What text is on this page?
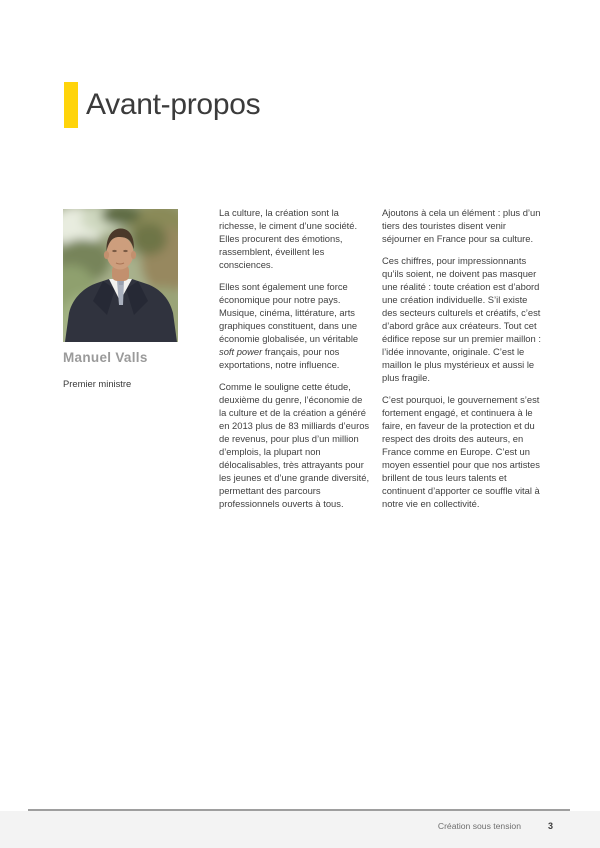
Avant-propos
Manuel Valls
Premier ministre

La culture, la création sont la richesse, le ciment d’une société. Elles procurent des émotions, rassemblent, éveillent les consciences.

Elles sont également une force économique pour notre pays. Musique, cinéma, littérature, arts graphiques constituent, dans une économie globalisée, un véritable soft power français, pour nos exportations, notre influence.

Comme le souligne cette étude, deuxième du genre, l’économie de la culture et de la création a généré en 2013 plus de 83 milliards d’euros de revenus, pour plus d’un million d’emplois, la plupart non délocalisables, très attrayants pour les jeunes et d’une grande diversité, permettant des parcours professionnels ouverts à tous.

Ajoutons à cela un élément : plus d’un tiers des touristes disent venir séjourner en France pour sa culture.

Ces chiffres, pour impressionnants qu’ils soient, ne doivent pas masquer une réalité : toute création est d’abord une création individuelle. S’il existe des secteurs culturels et créatifs, c’est d’abord grâce aux créateurs. Tout cet édifice repose sur un premier maillon : l’idée innovante, originale. C’est le maillon le plus mystérieux et aussi le plus fragile.

C’est pourquoi, le gouvernement s’est fortement engagé, et continuera à le faire, en faveur de la protection et du respect des droits des auteurs, en France comme en Europe. C’est un moyen essentiel pour que nos artistes brillent de tous leurs talents et continuent d’apporter ce souffle vital à notre vie en collectivité.

Création sous tension	3
